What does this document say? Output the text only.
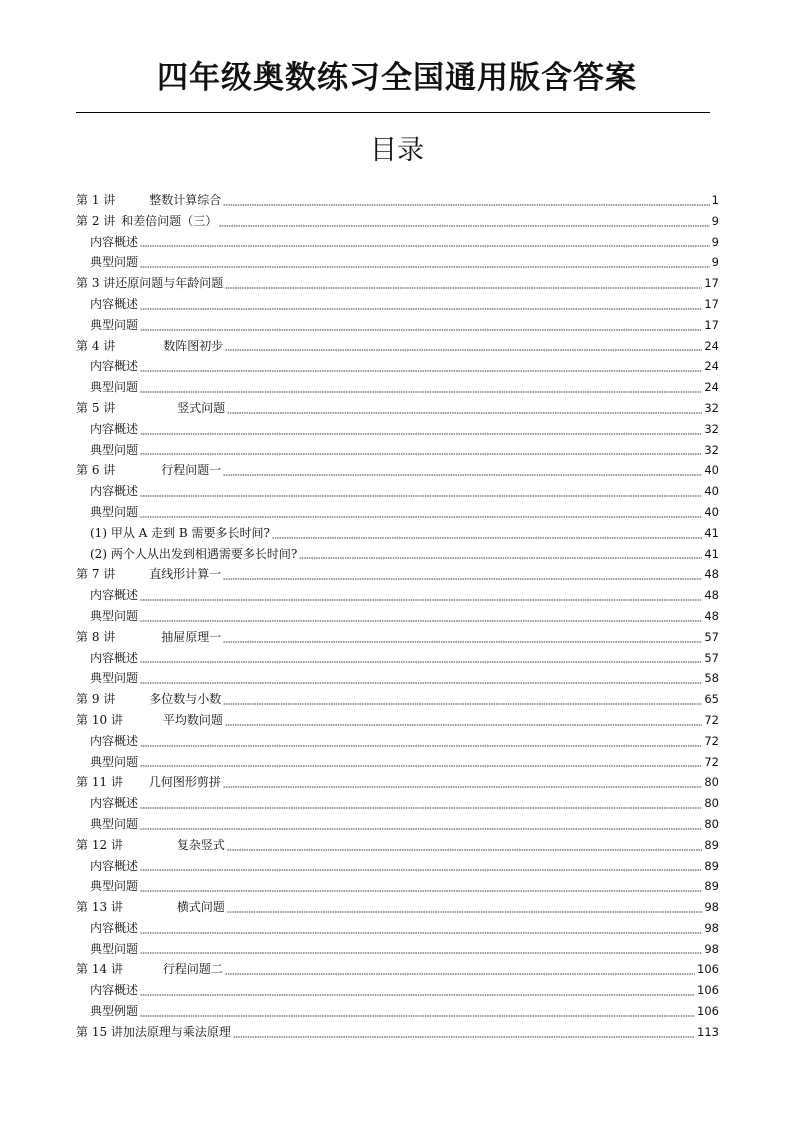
四年级奥数练习全国通用版含答案
目录
第 1 讲	整数计算综合	1
第 2 讲 和差倍问题（三）	9
内容概述	9
典型问题	9
第 3 讲 还原问题与年龄问题	17
内容概述	17
典型问题	17
第 4 讲	数阵图初步	24
内容概述	24
典型问题	24
第 5 讲	竖式问题	32
内容概述	32
典型问题	32
第 6 讲	行程问题一	40
内容概述	40
典型问题	40
(1) 甲从 A 走到 B 需要多长时间?	41
(2) 两个人从出发到相遇需要多长时间?	41
第 7 讲	直线形计算一	48
内容概述	48
典型问题	48
第 8 讲	抽屉原理一	57
内容概述	57
典型问题	58
第 9 讲	多位数与小数	65
第 10 讲	平均数问题	72
内容概述	72
典型问题	72
第 11 讲 几何图形剪拼	80
内容概述	80
典型问题	80
第 12 讲	复杂竖式	89
内容概述	89
典型问题	89
第 13 讲	横式问题	98
内容概述	98
典型问题	98
第 14 讲	行程问题二	106
内容概述	106
典型例题	106
第 15 讲 加法原理与乘法原理	113
